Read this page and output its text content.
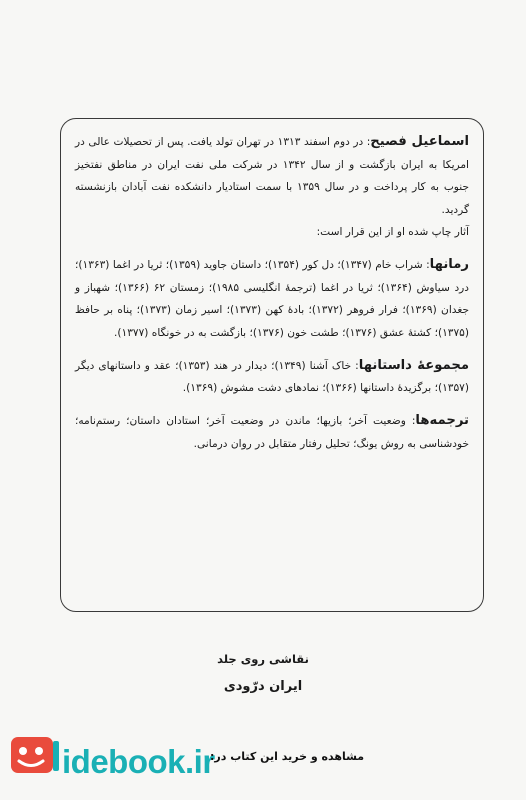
اسماعیل فصیح: در دوم اسفند ۱۳۱۳ در تهران تولد یافت. پس از تحصیلات عالی در امریکا به ایران بازگشت و از سال ۱۳۴۲ در شرکت ملی نفت ایران در مناطق نفتخیز جنوب به کار پرداخت و در سال ۱۳۵۹ با سمت استادیار دانشکده نفت آبادان بازنشسته گردید.
آثار چاپ شده او از این قرار است:

رمانها: شراب خام (۱۳۴۷)؛ دل کور (۱۳۵۴)؛ داستان جاوید (۱۳۵۹)؛ ثریا در اغما (۱۳۶۳)؛ درد سیاوش (۱۳۶۴)؛ ثریا در اغما (ترجمهٔ انگلیسی ۱۹۸۵)؛ زمستان ۶۲ (۱۳۶۶)؛ شهباز و جغدان (۱۳۶۹)؛ فرار فروهر (۱۳۷۲)؛ بادهٔ کهن (۱۳۷۳)؛ اسیر زمان (۱۳۷۳)؛ پناه بر حافظ (۱۳۷۵)؛ کشتهٔ عشق (۱۳۷۶)؛ طشت خون (۱۳۷۶)؛ بازگشت به در خونگاه (۱۳۷۷).

مجموعهٔ داستانها: خاک آشنا (۱۳۴۹)؛ دیدار در هند (۱۳۵۳)؛ عقد و داستانهای دیگر (۱۳۵۷)؛ برگزیدهٔ داستانها (۱۳۶۶)؛ نمادهای دشت مشوش (۱۳۶۹).

ترجمه‌ها: وضعیت آخر؛ بازیها؛ ماندن در وضعیت آخر؛ استادان داستان؛ رستم‌نامه؛ خودشناسی به روش یونگ؛ تحلیل رفتار متقابل در روان درمانی.

نقاشی روی جلد
ایران درّودی
idebook.ir
مشاهده و خرید این کتاب در:
